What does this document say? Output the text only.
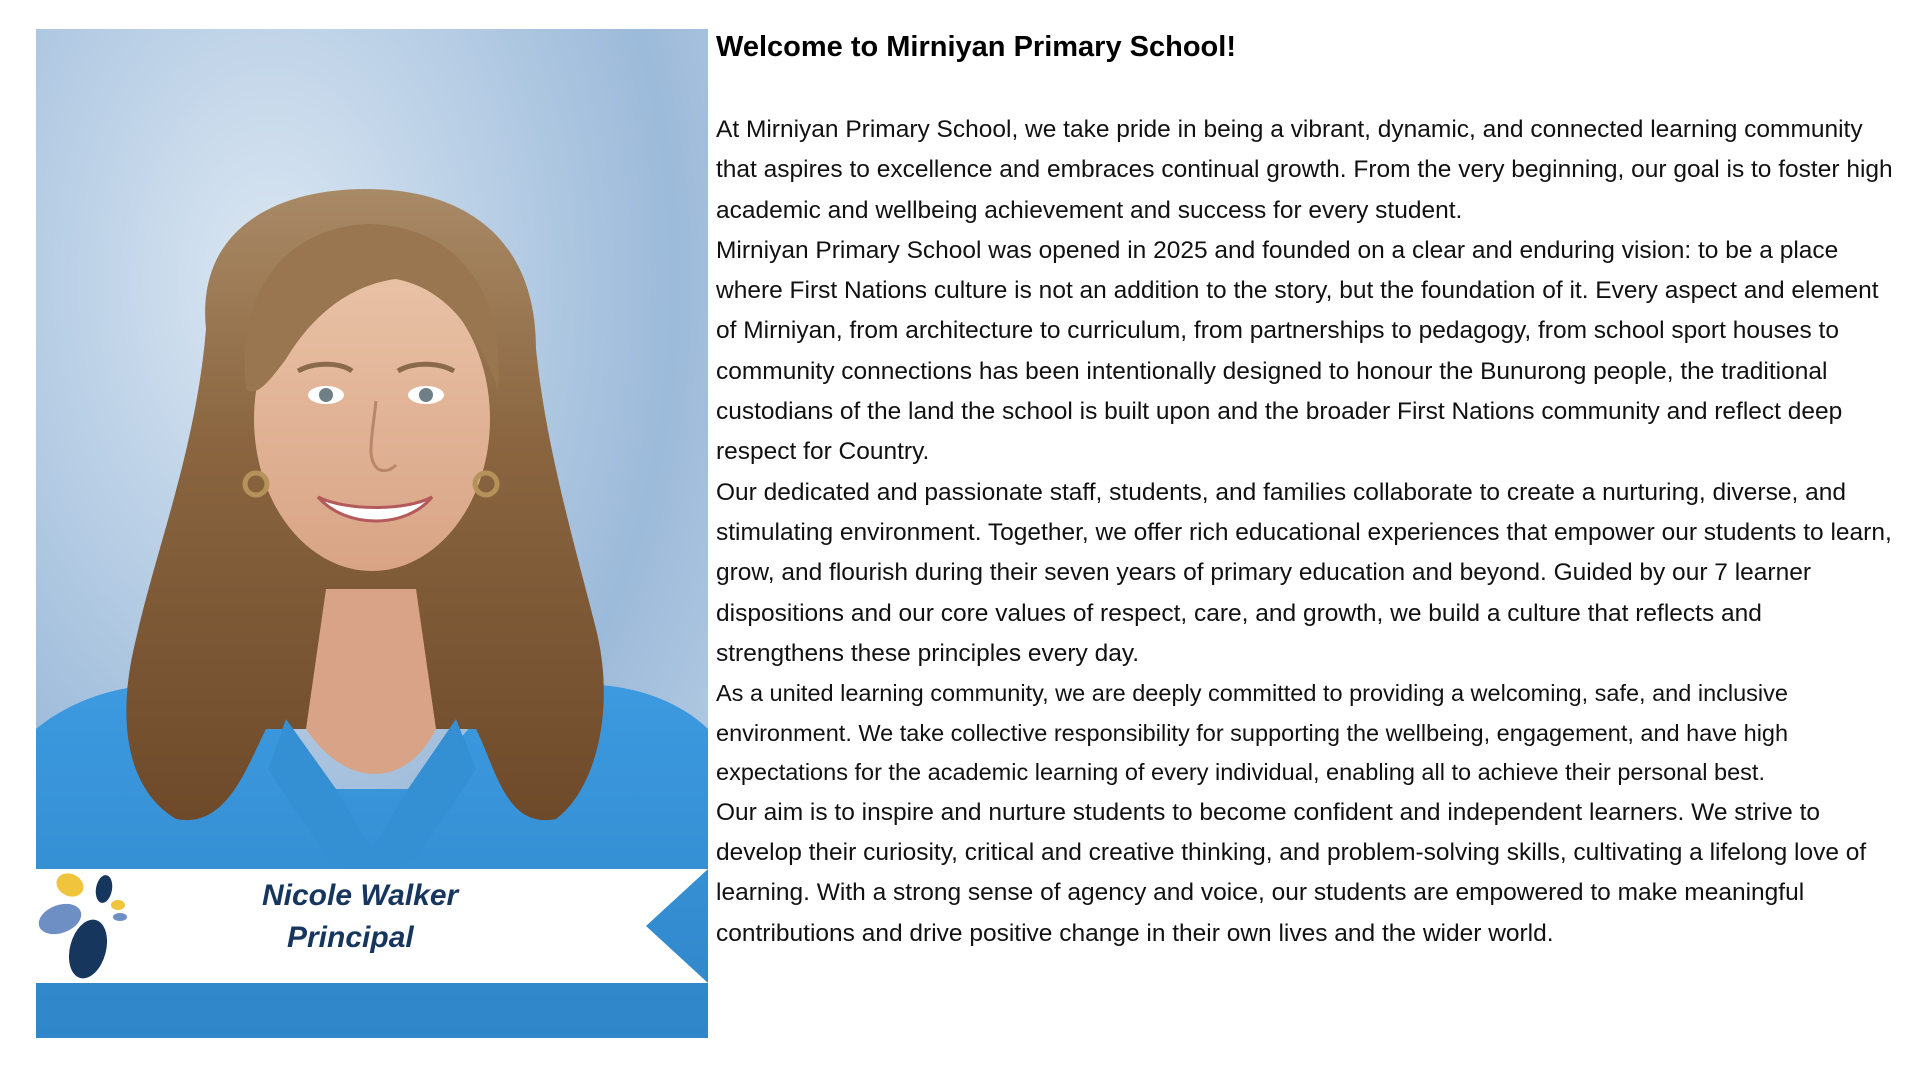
Nicole Walker
Principal
Welcome to Mirniyan Primary School!

At Mirniyan Primary School, we take pride in being a vibrant, dynamic, and connected learning community that aspires to excellence and embraces continual growth. From the very beginning, our goal is to foster high academic and wellbeing achievement and success for every student.

Mirniyan Primary School was opened in 2025 and founded on a clear and enduring vision: to be a place where First Nations culture is not an addition to the story, but the foundation of it. Every aspect and element of Mirniyan, from architecture to curriculum, from partnerships to pedagogy, from school sport houses to community connections has been intentionally designed to honour the Bunurong people, the traditional custodians of the land the school is built upon and the broader First Nations community and reflect deep respect for Country.

Our dedicated and passionate staff, students, and families collaborate to create a nurturing, diverse, and stimulating environment. Together, we offer rich educational experiences that empower our students to learn, grow, and flourish during their seven years of primary education and beyond. Guided by our 7 learner dispositions and our core values of respect, care, and growth, we build a culture that reflects and strengthens these principles every day.

As a united learning community, we are deeply committed to providing a welcoming, safe, and inclusive environment. We take collective responsibility for supporting the wellbeing, engagement, and have high expectations for the academic learning of every individual, enabling all to achieve their personal best.

Our aim is to inspire and nurture students to become confident and independent learners. We strive to develop their curiosity, critical and creative thinking, and problem-solving skills, cultivating a lifelong love of learning. With a strong sense of agency and voice, our students are empowered to make meaningful contributions and drive positive change in their own lives and the wider world.
